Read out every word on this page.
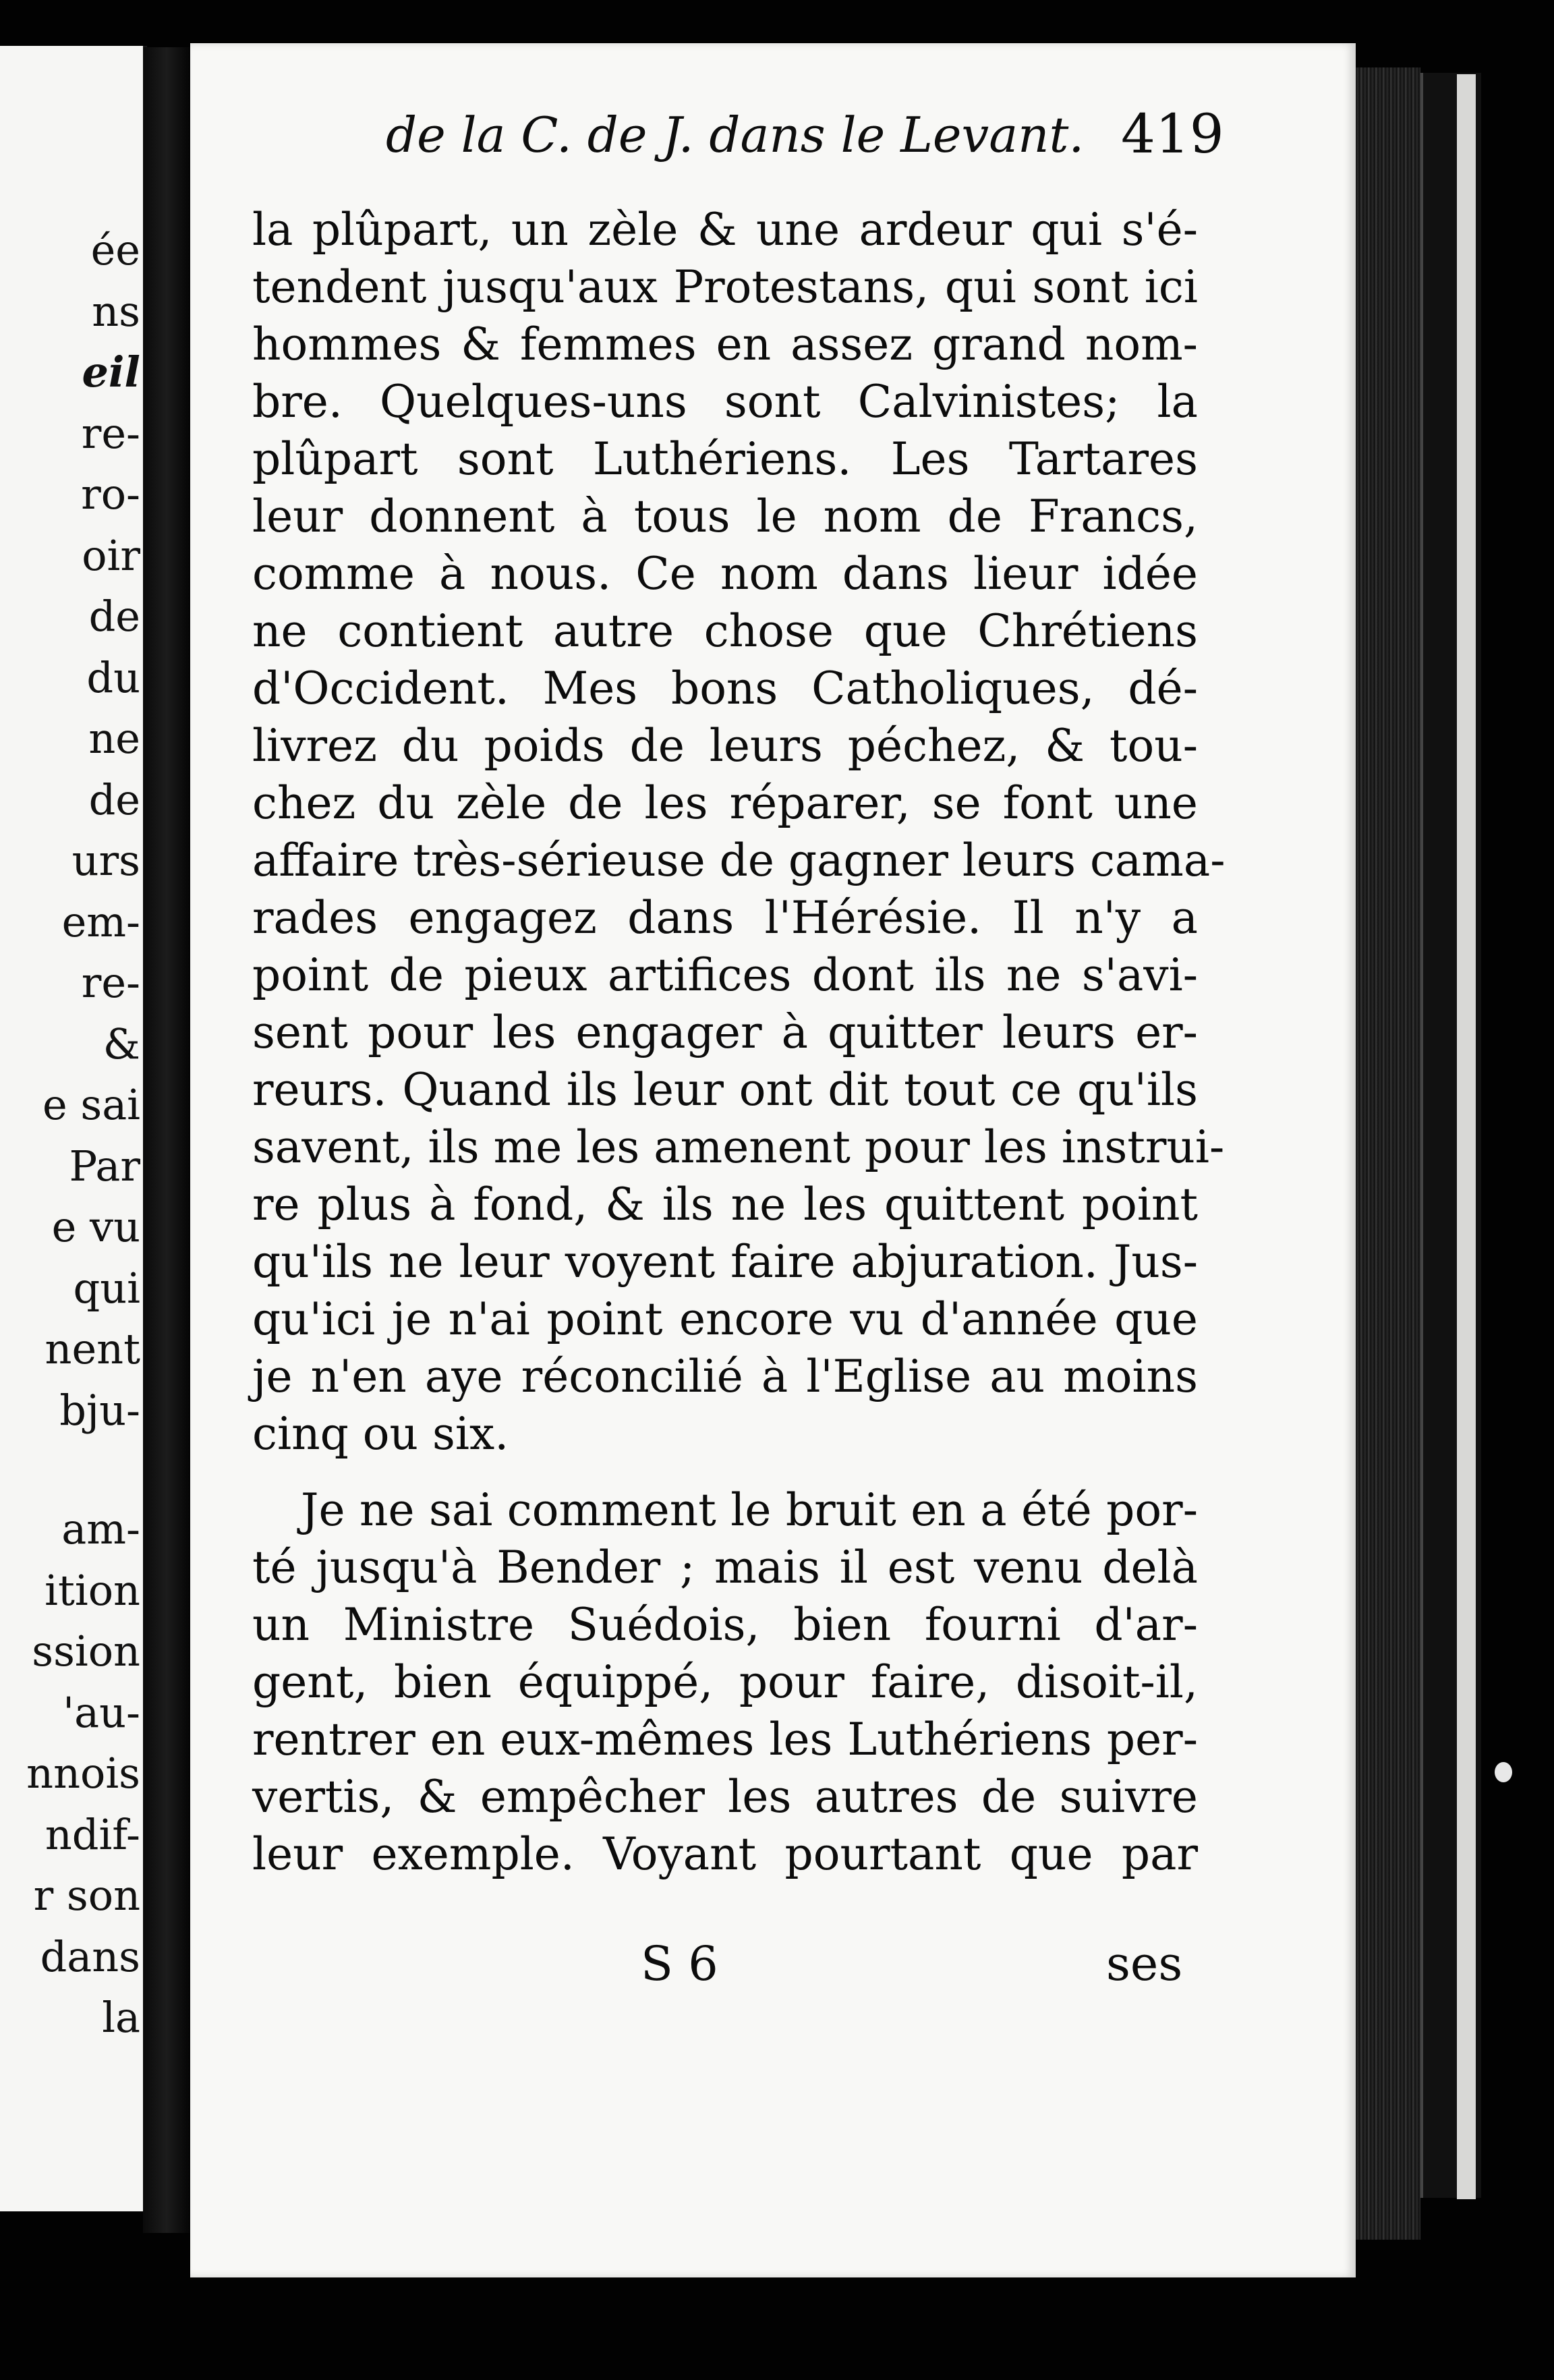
ée
ns
eil
re-
ro-
oir
de
du
ne
de
urs
em-
re-
&
e sai
Par
e vu
qui
nent
bju-
am-
ition
ssion
'au-
nnois
ndif-
r son
dans
la
de la C. de J. dans le Levant. 419
la plûpart, un zèle & une ardeur qui s'é-
tendent jusqu'aux Protestans, qui sont ici
hommes & femmes en assez grand nom-
bre. Quelques-uns sont Calvinistes; la
plûpart sont Luthériens. Les Tartares
leur donnent à tous le nom de Francs,
comme à nous. Ce nom dans lieur idée
ne contient autre chose que Chrétiens
d'Occident. Mes bons Catholiques, dé-
livrez du poids de leurs péchez, & tou-
chez du zèle de les réparer, se font une
affaire très-sérieuse de gagner leurs cama-
rades engagez dans l'Hérésie. Il n'y a
point de pieux artifices dont ils ne s'avi-
sent pour les engager à quitter leurs er-
reurs. Quand ils leur ont dit tout ce qu'ils
savent, ils me les amenent pour les instrui-
re plus à fond, & ils ne les quittent point
qu'ils ne leur voyent faire abjuration. Jus-
qu'ici je n'ai point encore vu d'année que
je n'en aye réconcilié à l'Eglise au moins
cinq ou six.
Je ne sai comment le bruit en a été por-
té jusqu'à Bender ; mais il est venu delà
un Ministre Suédois, bien fourni d'ar-
gent, bien équippé, pour faire, disoit-il,
rentrer en eux-mêmes les Luthériens per-
vertis, & empêcher les autres de suivre
leur exemple. Voyant pourtant que par
S 6	ses
